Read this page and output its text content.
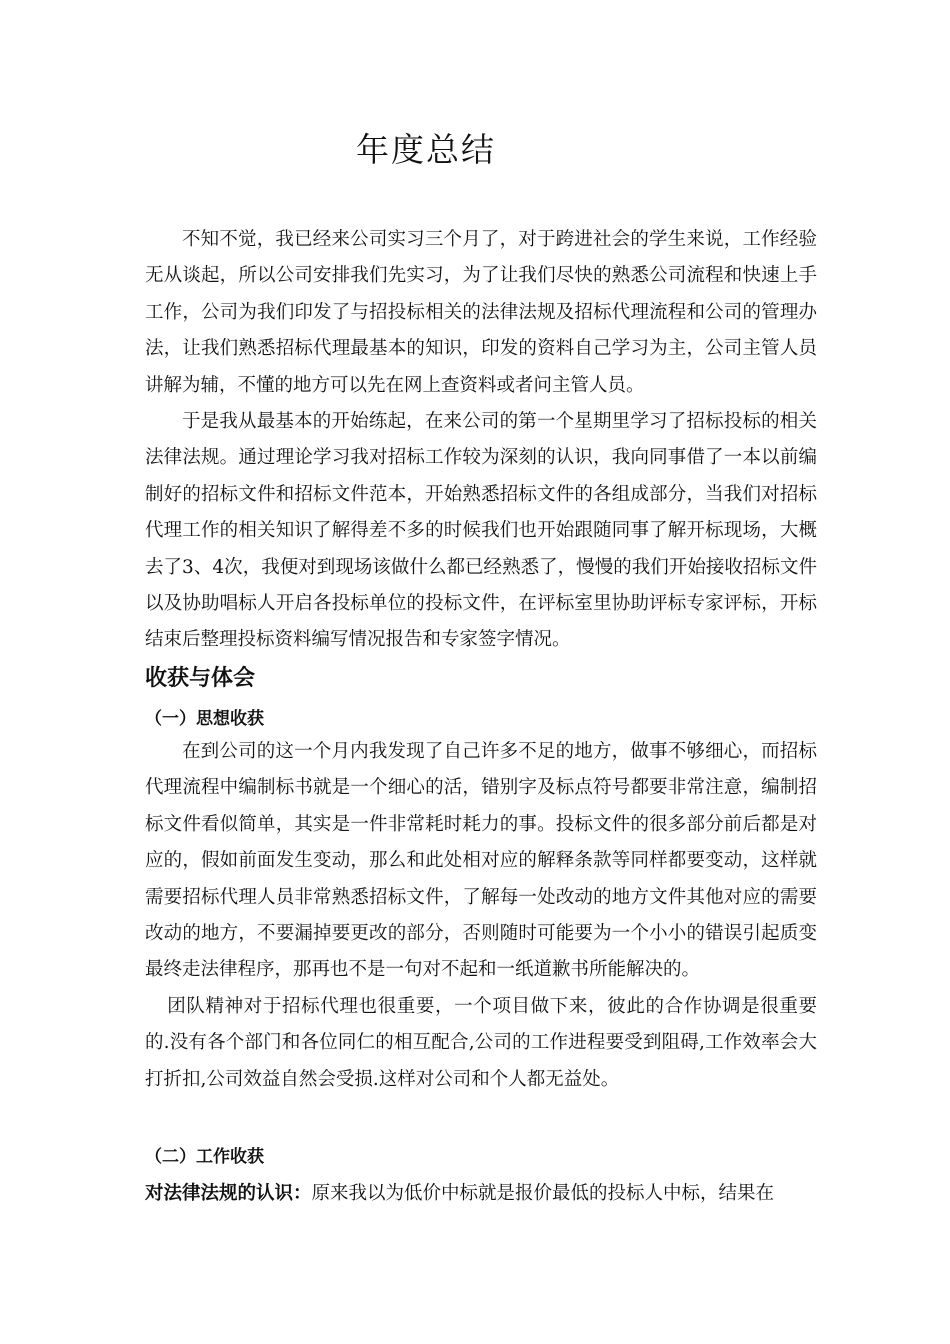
年度总结

不知不觉，我已经来公司实习三个月了，对于跨进社会的学生来说，工作经验无从谈起，所以公司安排我们先实习，为了让我们尽快的熟悉公司流程和快速上手工作，公司为我们印发了与招投标相关的法律法规及招标代理流程和公司的管理办法，让我们熟悉招标代理最基本的知识，印发的资料自己学习为主，公司主管人员讲解为辅，不懂的地方可以先在网上查资料或者问主管人员。

于是我从最基本的开始练起，在来公司的第一个星期里学习了招标投标的相关法律法规。通过理论学习我对招标工作较为深刻的认识，我向同事借了一本以前编制好的招标文件和招标文件范本，开始熟悉招标文件的各组成部分，当我们对招标代理工作的相关知识了解得差不多的时候我们也开始跟随同事了解开标现场，大概去了3、4次，我便对到现场该做什么都已经熟悉了，慢慢的我们开始接收招标文件以及协助唱标人开启各投标单位的投标文件，在评标室里协助评标专家评标，开标结束后整理投标资料编写情况报告和专家签字情况。

收获与体会
（一）思想收获

在到公司的这一个月内我发现了自己许多不足的地方，做事不够细心，而招标代理流程中编制标书就是一个细心的活，错别字及标点符号都要非常注意，编制招标文件看似简单，其实是一件非常耗时耗力的事。投标文件的很多部分前后都是对应的，假如前面发生变动，那么和此处相对应的解释条款等同样都要变动，这样就需要招标代理人员非常熟悉招标文件，了解每一处改动的地方文件其他对应的需要改动的地方，不要漏掉要更改的部分，否则随时可能要为一个小小的错误引起质变最终走法律程序，那再也不是一句对不起和一纸道歉书所能解决的。

团队精神对于招标代理也很重要，一个项目做下来，彼此的合作协调是很重要的.没有各个部门和各位同仁的相互配合,公司的工作进程要受到阻碍,工作效率会大打折扣,公司效益自然会受损.这样对公司和个人都无益处。

（二）工作收获
对法律法规的认识：原来我以为低价中标就是报价最低的投标人中标，结果在
